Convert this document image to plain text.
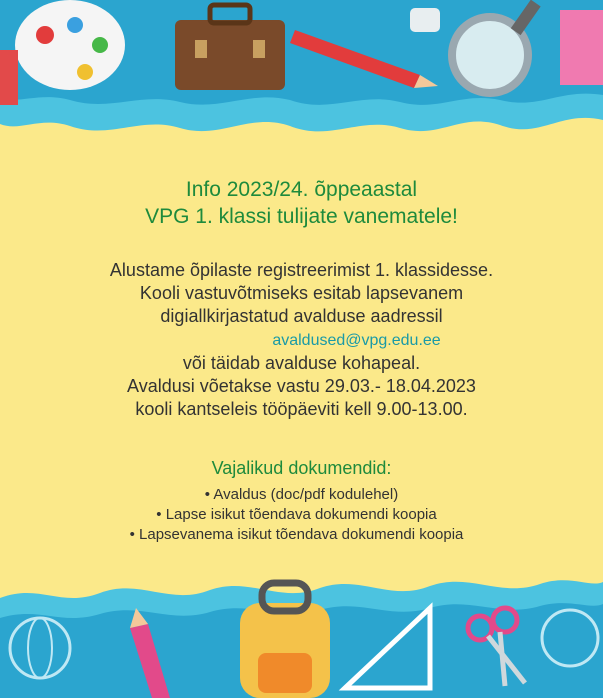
Info 2023/24. õppeaastal
VPG 1. klassi tulijate vanematele!
Alustame õpilaste registreerimist 1. klassidesse.
Kooli vastuvõtmiseks esitab lapsevanem
digiallkirjastatud avalduse aadressil
avaldused@vpg.edu.ee
või täidab avalduse kohapeal.
Avaldusi võetakse vastu 29.03.- 18.04.2023
kooli kantseleis tööpäeviti kell 9.00-13.00.
Vajalikud dokumendid:
• Avaldus (doc/pdf kodulehel)
• Lapse isikut tõendava dokumendi koopia
• Lapsevanema isikut tõendava dokumendi koopia
